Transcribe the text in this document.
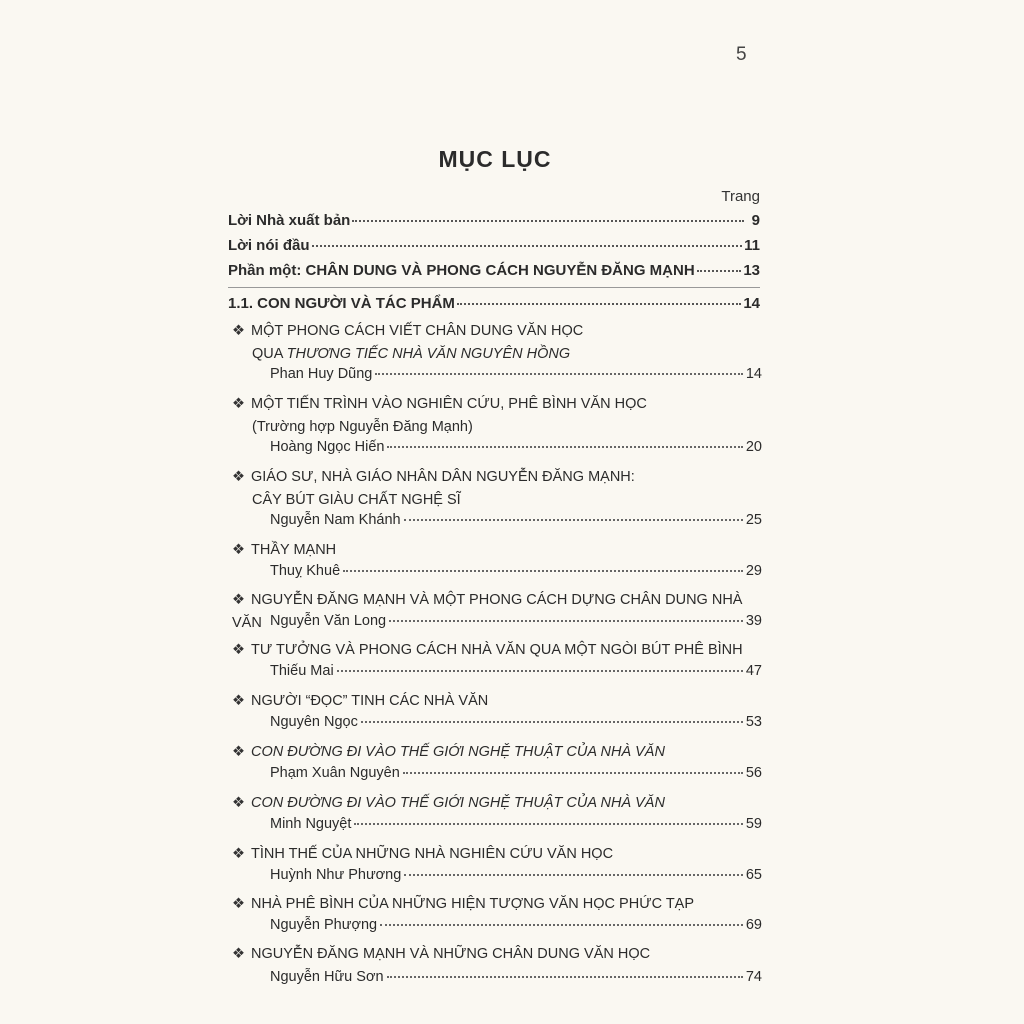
5
MỤC LỤC
Trang
Lời Nhà xuất bản	9
Lời nói đầu	11
Phần một: CHÂN DUNG VÀ PHONG CÁCH NGUYỄN ĐĂNG MẠNH	13
1.1. CON NGƯỜI VÀ TÁC PHẨM	14
❖ MỘT PHONG CÁCH VIẾT CHÂN DUNG VĂN HỌC
QUA THƯƠNG TIẾC NHÀ VĂN NGUYÊN HỒNG
Phan Huy Dũng	14
❖ MỘT TIẾN TRÌNH VÀO NGHIÊN CỨU, PHÊ BÌNH VĂN HỌC
(Trường hợp Nguyễn Đăng Mạnh)
Hoàng Ngọc Hiến	20
❖ GIÁO SƯ, NHÀ GIÁO NHÂN DÂN NGUYỄN ĐĂNG MẠNH:
CÂY BÚT GIÀU CHẤT NGHỆ SĨ
Nguyễn Nam Khánh	25
❖ THẦY MẠNH
Thuỵ Khuê	29
❖ NGUYỄN ĐĂNG MẠNH VÀ MỘT PHONG CÁCH DỰNG CHÂN DUNG NHÀ VĂN Nguyễn Văn Long	39
❖ TƯ TƯỞNG VÀ PHONG CÁCH NHÀ VĂN QUA MỘT NGÒI BÚT PHÊ BÌNH
Thiếu Mai	47
❖ NGƯỜI “ĐỌC” TINH CÁC NHÀ VĂN
Nguyên Ngọc	53
❖ CON ĐƯỜNG ĐI VÀO THẾ GIỚI NGHỆ THUẬT CỦA NHÀ VĂN
Phạm Xuân Nguyên	56
❖ CON ĐƯỜNG ĐI VÀO THẾ GIỚI NGHỆ THUẬT CỦA NHÀ VĂN
Minh Nguyệt	59
❖ TÌNH THẾ CỦA NHỮNG NHÀ NGHIÊN CỨU VĂN HỌC
Huỳnh Như Phương	65
❖ NHÀ PHÊ BÌNH CỦA NHỮNG HIỆN TƯỢNG VĂN HỌC PHỨC TẠP
Nguyễn Phượng	69
❖ NGUYỄN ĐĂNG MẠNH VÀ NHỮNG CHÂN DUNG VĂN HỌC
Nguyễn Hữu Sơn	74
